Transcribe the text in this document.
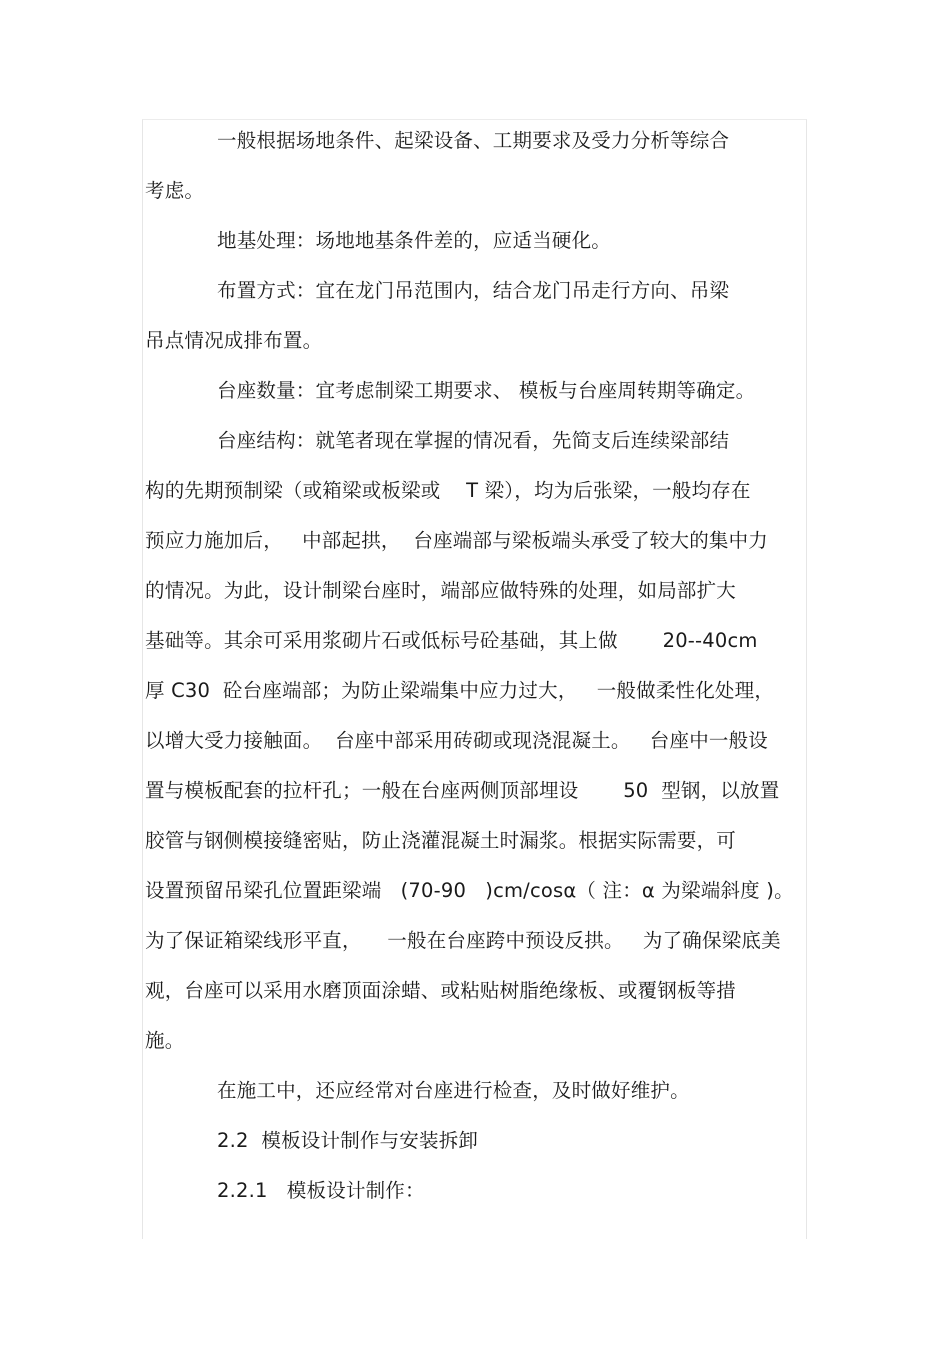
一般根据场地条件、起梁设备、工期要求及受力分析等综合
考虑。
地基处理：场地地基条件差的，应适当硬化。
布置方式：宜在龙门吊范围内，结合龙门吊走行方向、吊梁
吊点情况成排布置。
台座数量：宜考虑制梁工期要求、 模板与台座周转期等确定。
台座结构：就笔者现在掌握的情况看，先简支后连续梁部结
构的先期预制梁（或箱梁或板梁或    T 梁），均为后张梁，一般均存在
预应力施加后，   中部起拱，  台座端部与梁板端头承受了较大的集中力
的情况。为此，设计制梁台座时，端部应做特殊的处理，如局部扩大
基础等。其余可采用浆砌片石或低标号砼基础，其上做       20--40cm
厚 C30  砼台座端部；为防止梁端集中应力过大，   一般做柔性化处理，
以增大受力接触面。  台座中部采用砖砌或现浇混凝土。   台座中一般设
置与模板配套的拉杆孔；一般在台座两侧顶部埋设       50  型钢，以放置
胶管与钢侧模接缝密贴，防止浇灌混凝土时漏浆。根据实际需要，可
设置预留吊梁孔位置距梁端   (70-90   )cm/cosα（ 注：α 为梁端斜度 )。
为了保证箱梁线形平直，    一般在台座跨中预设反拱。   为了确保梁底美
观，台座可以采用水磨顶面涂蜡、或粘贴树脂绝缘板、或覆钢板等措
施。
在施工中，还应经常对台座进行检查，及时做好维护。
2.2  模板设计制作与安装拆卸
2.2.1   模板设计制作：
